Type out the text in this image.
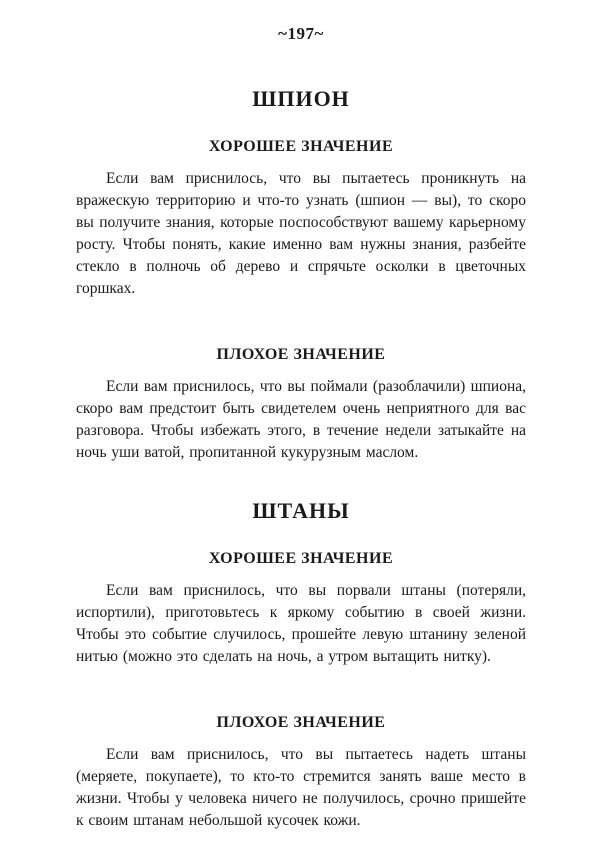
~197~
ШПИОН
ХОРОШЕЕ ЗНАЧЕНИЕ

Если вам приснилось, что вы пытаетесь проникнуть на вражескую территорию и что-то узнать (шпион — вы), то скоро вы получите знания, которые поспособствуют вашему карьерному росту. Чтобы понять, какие именно вам нужны знания, разбейте стекло в полночь об дерево и спрячьте осколки в цветочных горшках.

ПЛОХОЕ ЗНАЧЕНИЕ

Если вам приснилось, что вы поймали (разоблачили) шпиона, скоро вам предстоит быть свидетелем очень неприятного для вас разговора. Чтобы избежать этого, в течение недели затыкайте на ночь уши ватой, пропитанной кукурузным маслом.

ШТАНЫ
ХОРОШЕЕ ЗНАЧЕНИЕ

Если вам приснилось, что вы порвали штаны (потеряли, испортили), приготовьтесь к яркому событию в своей жизни. Чтобы это событие случилось, прошейте левую штанину зеленой нитью (можно это сделать на ночь, а утром вытащить нитку).

ПЛОХОЕ ЗНАЧЕНИЕ

Если вам приснилось, что вы пытаетесь надеть штаны (меряете, покупаете), то кто-то стремится занять ваше место в жизни. Чтобы у человека ничего не получилось, срочно пришейте к своим штанам небольшой кусочек кожи.
